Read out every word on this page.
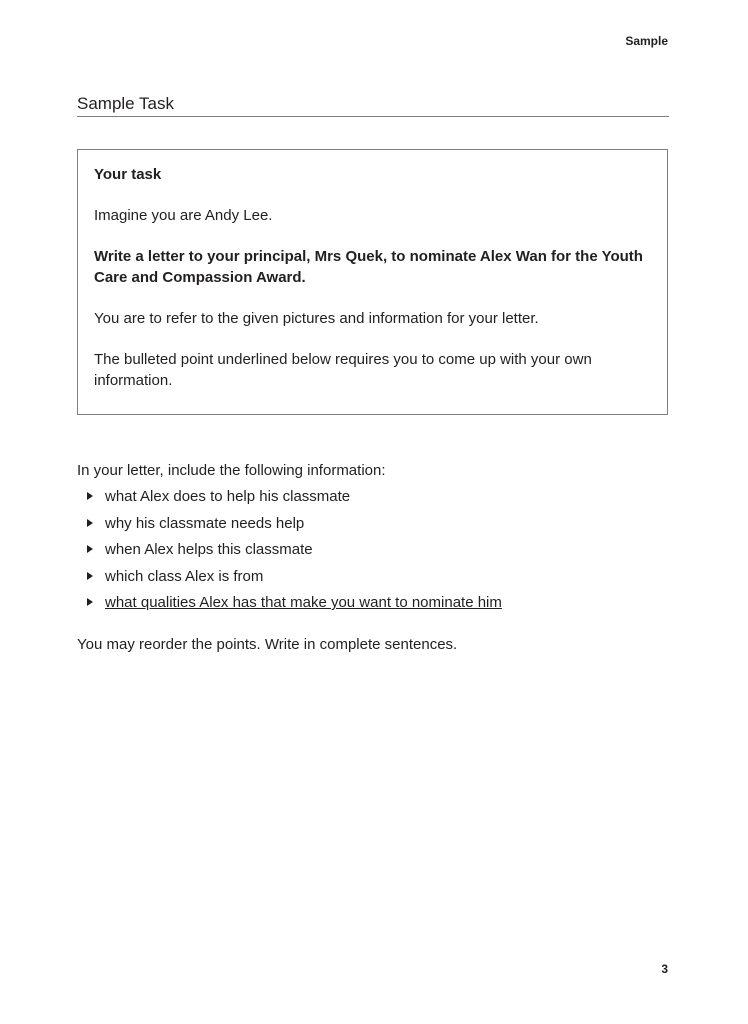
Sample
Sample Task

Your task

Imagine you are Andy Lee.

Write a letter to your principal, Mrs Quek, to nominate Alex Wan for the Youth Care and Compassion Award.

You are to refer to the given pictures and information for your letter.

The bulleted point underlined below requires you to come up with your own information.

In your letter, include the following information:
what Alex does to help his classmate
why his classmate needs help
when Alex helps this classmate
which class Alex is from
what qualities Alex has that make you want to nominate him
You may reorder the points. Write in complete sentences.
3
